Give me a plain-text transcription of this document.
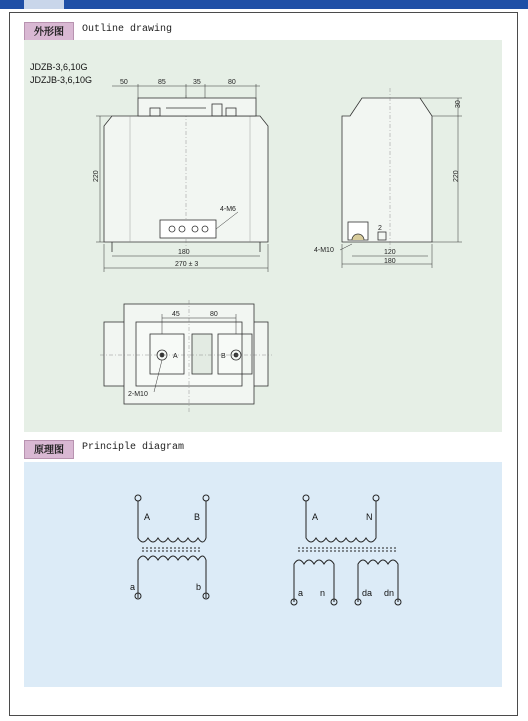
外形图	Outline drawing
JDZB-3,6,10G
JDZJB-3,6,10G	50	85	35	80
220
4-M6
180
270 ± 3
30
220
2
4-M10	120
180
45	80
2-M10
A	B
原理图	Principle diagram
A	B
a	b
A	N
a n	da dn
